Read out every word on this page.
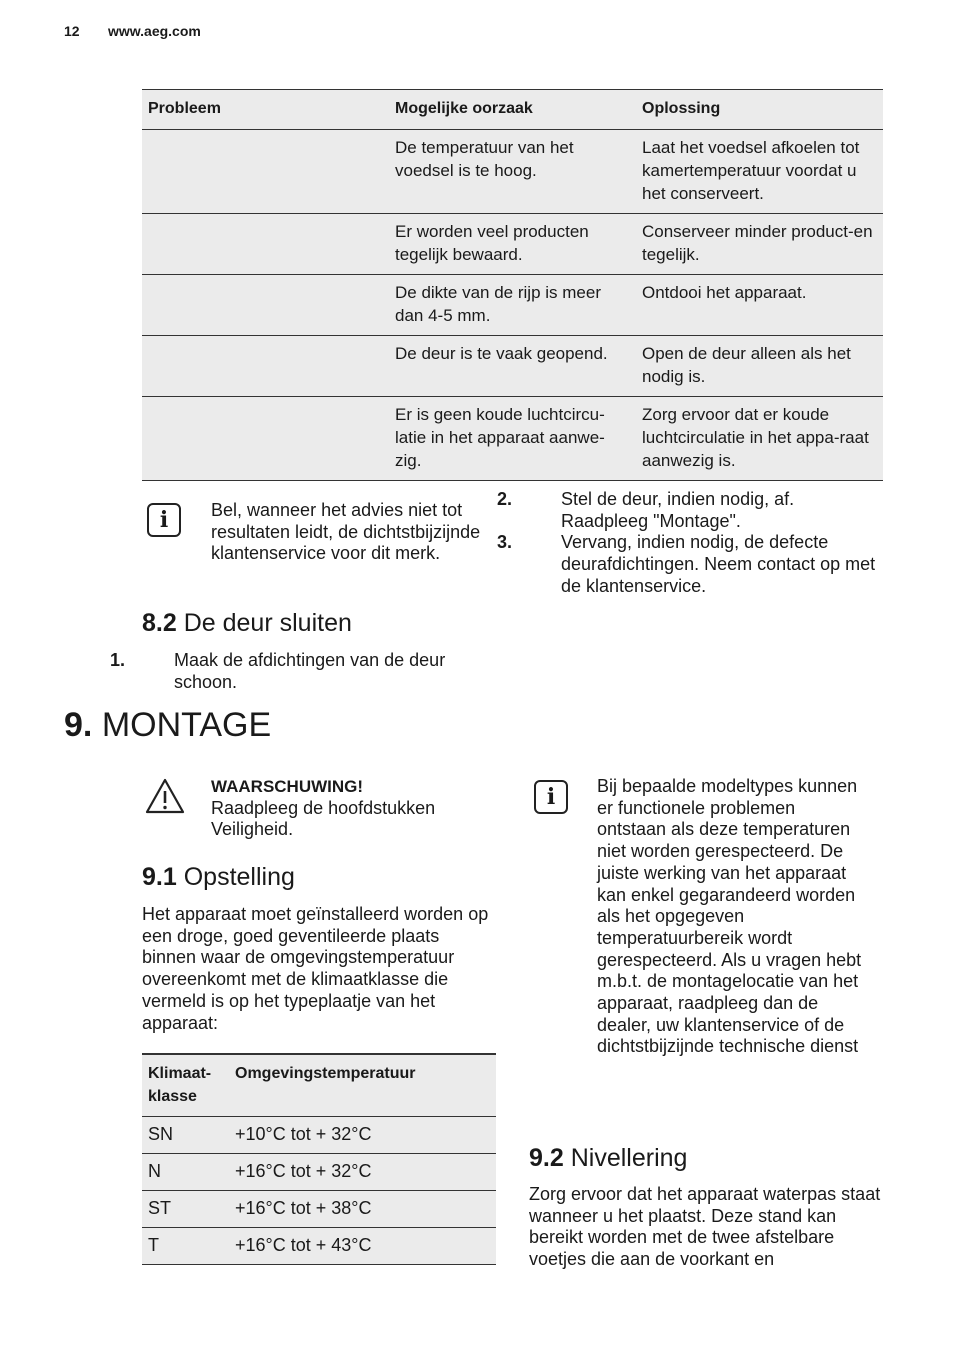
12 www.aeg.com
Probleem	Mogelijke oorzaak	Oplossing
	De temperatuur van het voedsel is te hoog.	Laat het voedsel afkoelen tot kamertemperatuur voordat u het conserveert.
	Er worden veel producten tegelijk bewaard.	Conserveer minder product-en tegelijk.
	De dikte van de rijp is meer dan 4-5 mm.	Ontdooi het apparaat.
	De deur is te vaak geopend.	Open de deur alleen als het nodig is.
	Er is geen koude luchtcircu-latie in het apparaat aanwe-zig.	Zorg ervoor dat er koude luchtcirculatie in het appa-raat aanwezig is.
i	Bel, wanneer het advies niet tot resultaten leidt, de dichtstbijzijnde klantenservice voor dit merk.
2.	Stel de deur, indien nodig, af. Raadpleeg "Montage".
3.	Vervang, indien nodig, de defecte deurafdichtingen. Neem contact op met de klantenservice.
8.2 De deur sluiten
1.	Maak de afdichtingen van de deur schoon.
9. MONTAGE
WAARSCHUWING!
Raadpleeg de hoofdstukken Veiligheid.
9.1 Opstelling
Het apparaat moet geïnstalleerd worden op een droge, goed geventileerde plaats binnen waar de omgevingstemperatuur overeenkomt met de klimaatklasse die vermeld is op het typeplaatje van het apparaat:
Klimaat-klasse	Omgevingstemperatuur
SN	+10°C tot + 32°C
N	+16°C tot + 32°C
ST	+16°C tot + 38°C
T	+16°C tot + 43°C
i	Bij bepaalde modeltypes kunnen er functionele problemen ontstaan als deze temperaturen niet worden gerespecteerd. De juiste werking van het apparaat kan enkel gegarandeerd worden als het opgegeven temperatuurbereik wordt gerespecteerd. Als u vragen hebt m.b.t. de montagelocatie van het apparaat, raadpleeg dan de dealer, uw klantenservice of de dichtstbijzijnde technische dienst
9.2 Nivellering
Zorg ervoor dat het apparaat waterpas staat wanneer u het plaatst. Deze stand kan bereikt worden met de twee afstelbare voetjes die aan de voorkant en
